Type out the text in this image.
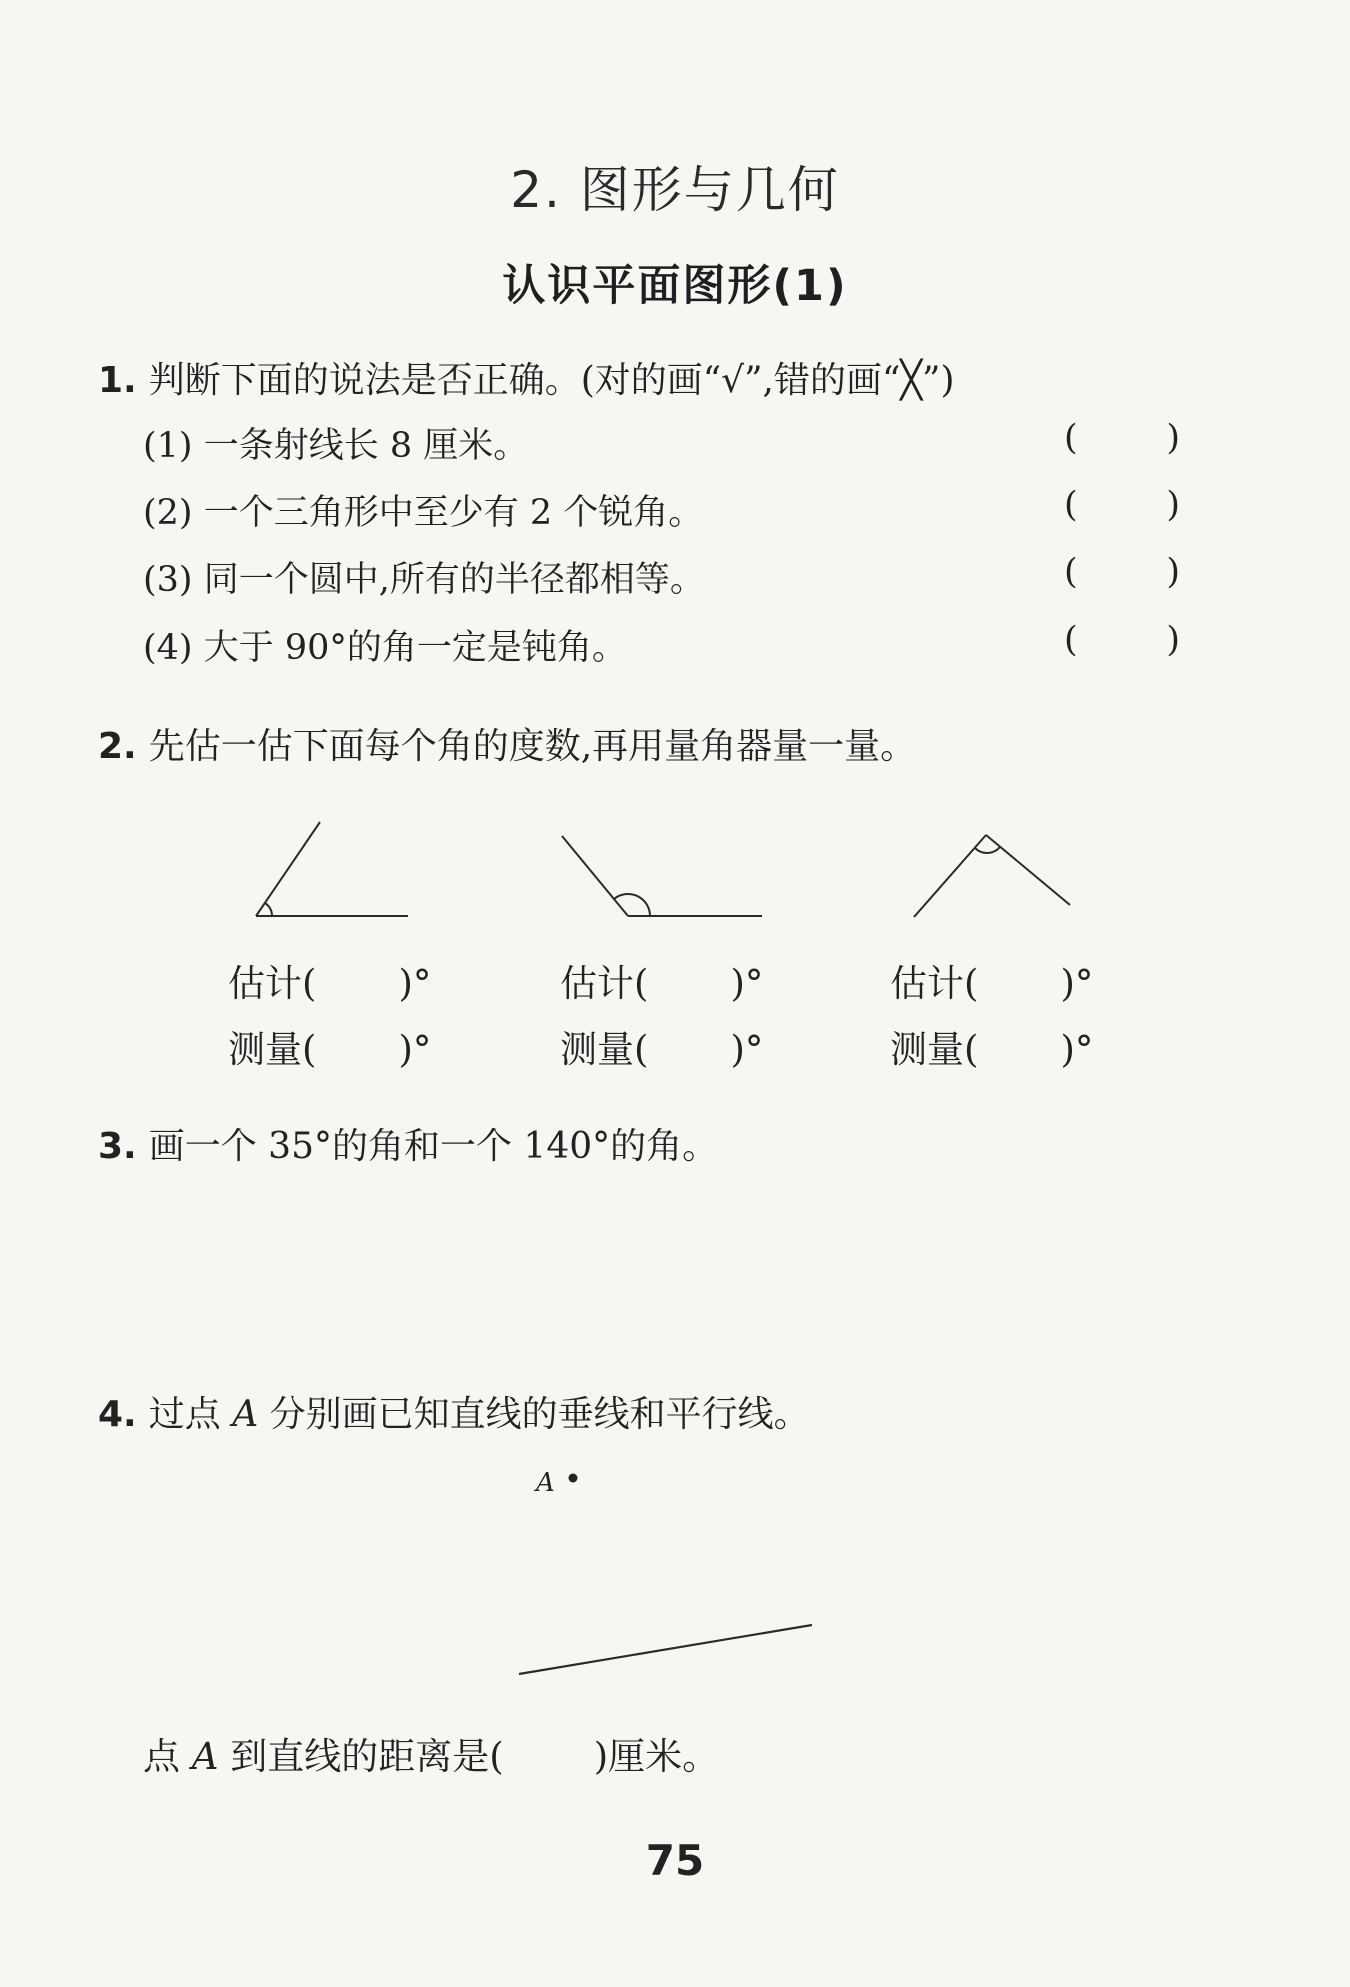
2. 图形与几何
认识平面图形(1)
1. 判断下面的说法是否正确。(对的画“√”,错的画“╳”)
(1) 一条射线长 8 厘米。	(	)
(2) 一个三角形中至少有 2 个锐角。	(	)
(3) 同一个圆中,所有的半径都相等。	(	)
(4) 大于 90°的角一定是钝角。	(	)
2. 先估一估下面每个角的度数,再用量角器量一量。
估计( )°
测量( )°
估计( )°
测量( )°
估计( )°
测量( )°
3. 画一个 35°的角和一个 140°的角。
4. 过点 A 分别画已知直线的垂线和平行线。
A
点 A 到直线的距离是( )厘米。
75
